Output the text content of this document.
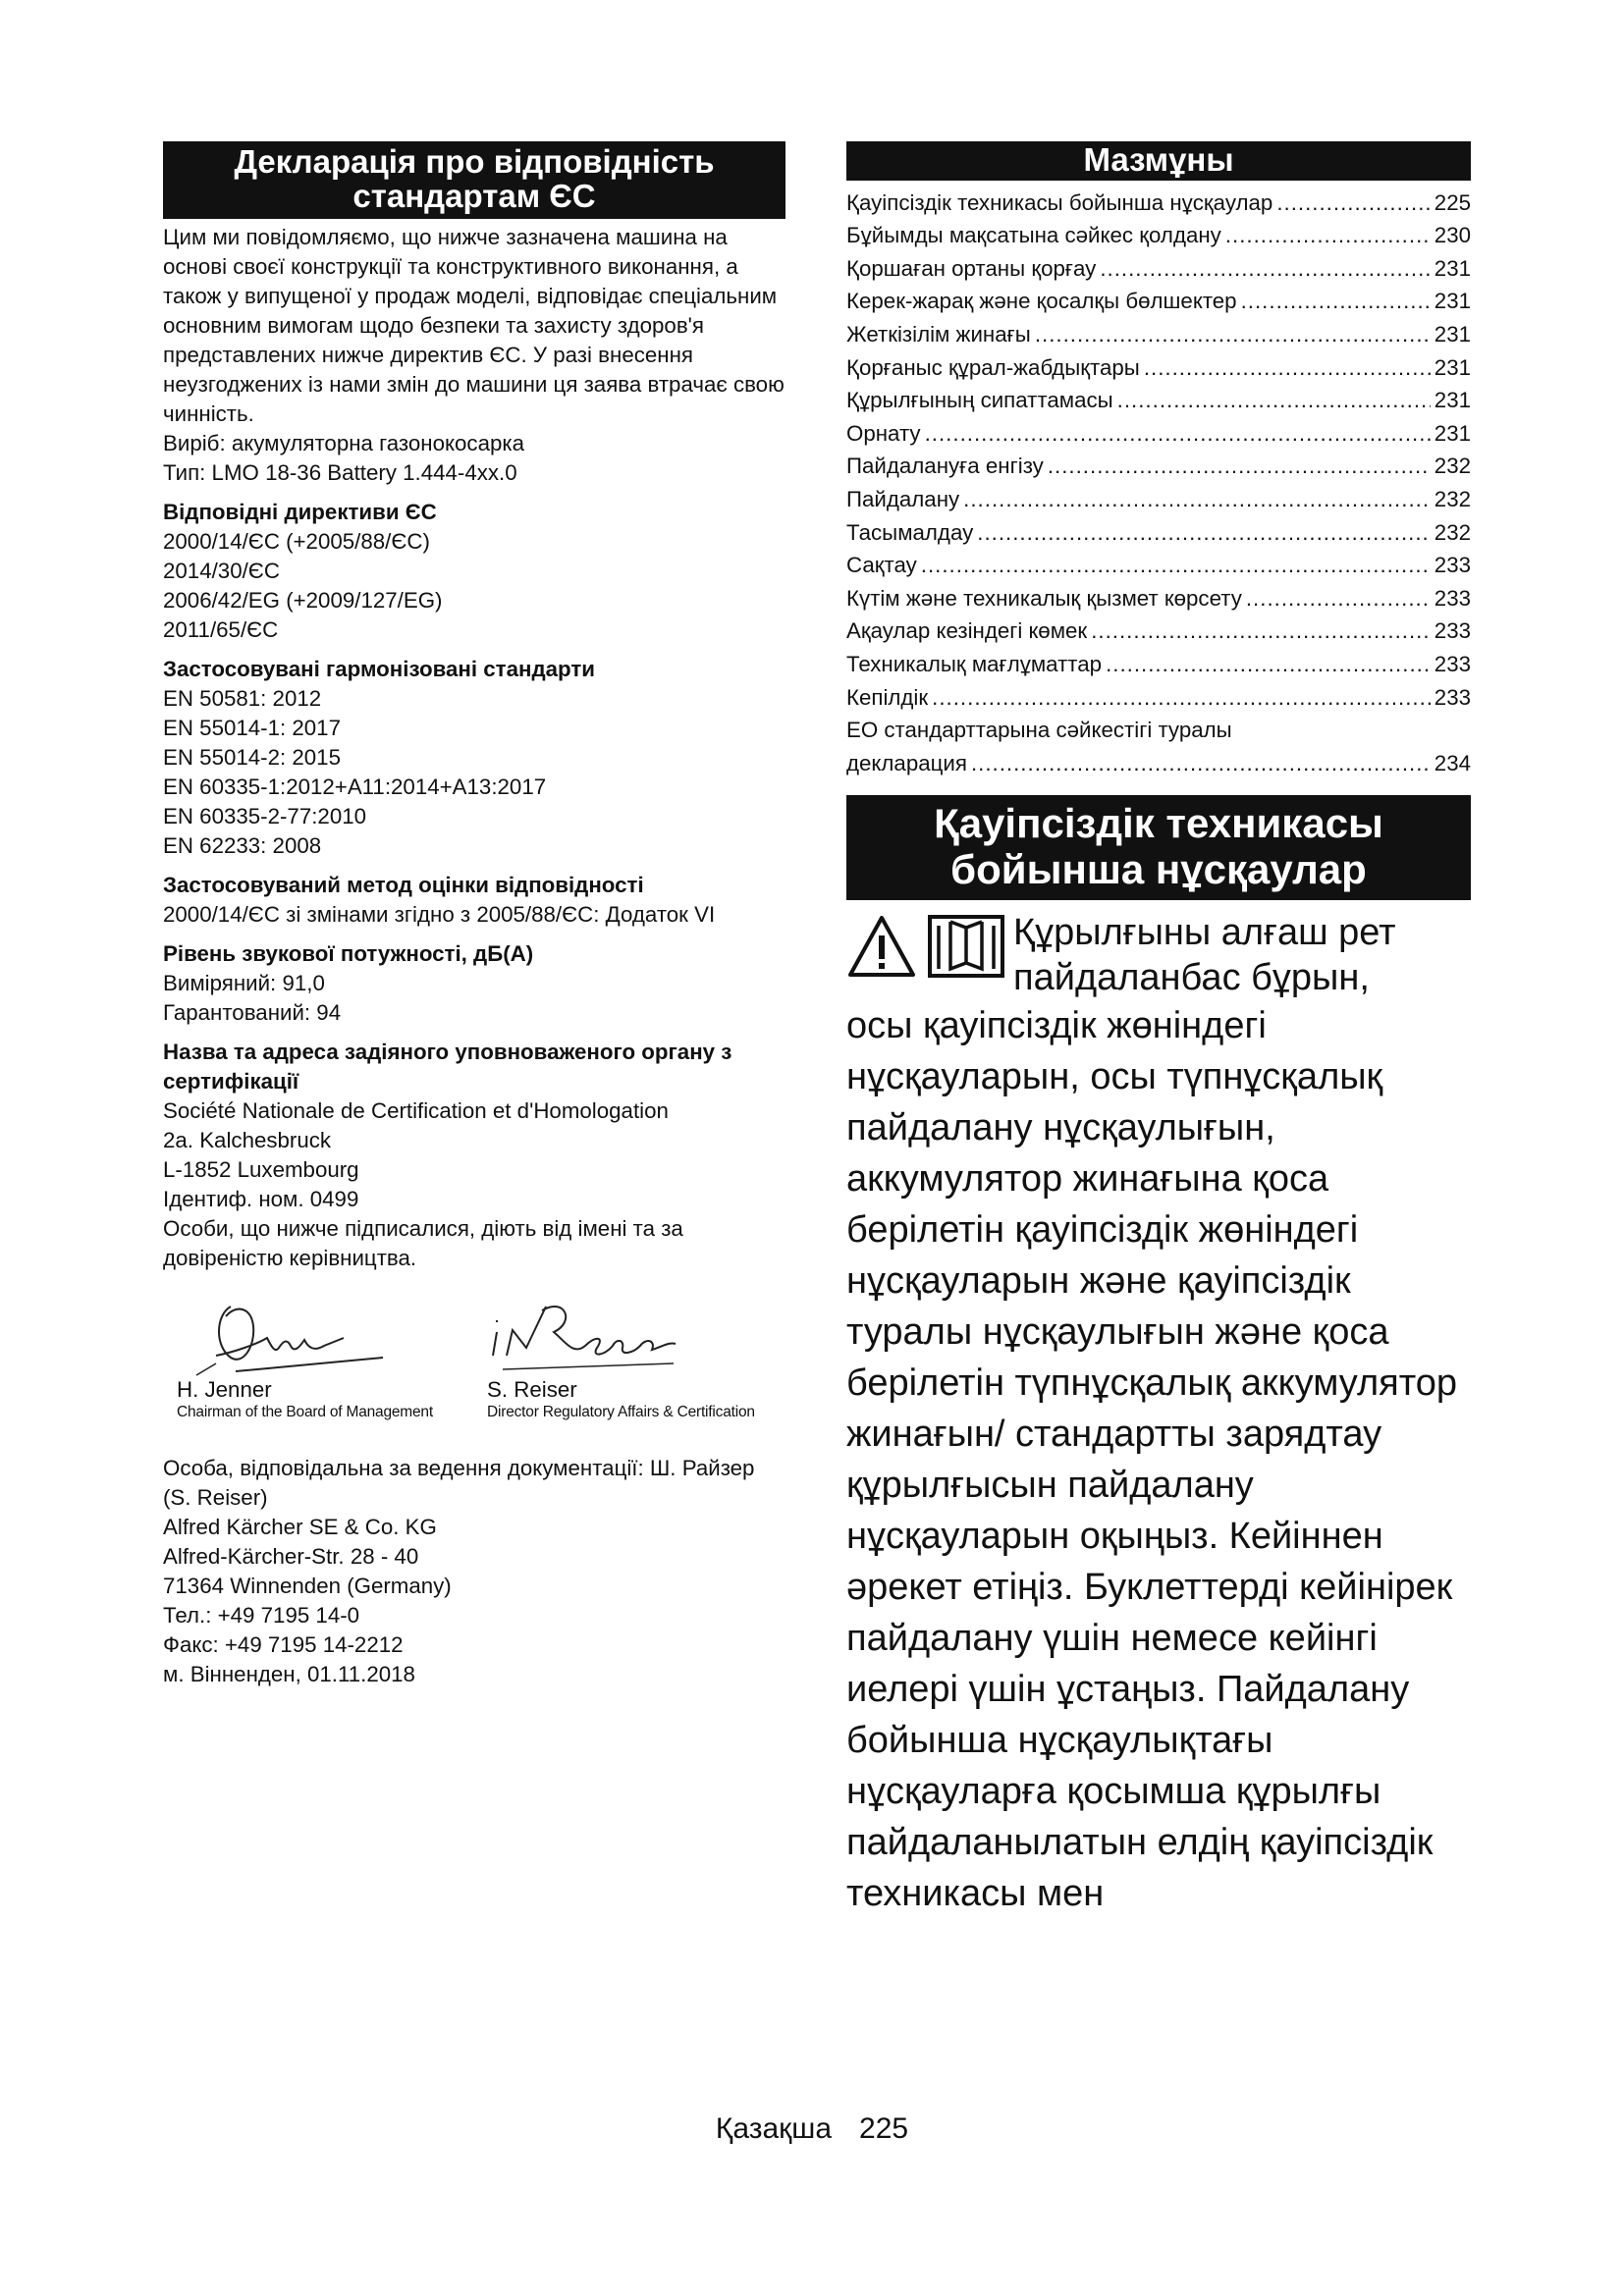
Декларація про відповідність
стандартам ЄС

Цим ми повідомляємо, що нижче зазначена машина на основі своєї конструкції та конструктивного виконання, а також у випущеної у продаж моделі, відповідає спеціальним основним вимогам щодо безпеки та захисту здоров'я представлених нижче директив ЄС. У разі внесення неузгоджених із нами змін до машини ця заява втрачає свою чинність.

Виріб: акумуляторна газонокосарка

Тип: LMO 18-36 Battery 1.444-4xx.0

Відповідні директиви ЄС

2000/14/ЄС (+2005/88/ЄС)

2014/30/ЄС

2006/42/EG (+2009/127/EG)

2011/65/ЄС

Застосовувані гармонізовані стандарти

EN 50581: 2012

EN 55014-1: 2017

EN 55014-2: 2015

EN 60335-1:2012+A11:2014+A13:2017

EN 60335-2-77:2010

EN 62233: 2008

Застосовуваний метод оцінки відповідності

2000/14/ЄС зі змінами згідно з 2005/88/ЄС: Додаток VI

Рівень звукової потужності, дБ(А)

Виміряний: 91,0

Гарантований: 94

Назва та адреса задіяного уповноваженого органу з сертифікації

Société Nationale de Certification et d'Homologation

2a. Kalchesbruck

L-1852 Luxembourg

Ідентиф. ном. 0499

Особи, що нижче підписалися, діють від імені та за довіреністю керівництва.

H. Jenner
Chairman of the Board of Management
S. Reiser
Director Regulatory Affairs & Certification

Особа, відповідальна за ведення документації: Ш. Райзер (S. Reiser)

Alfred Kärcher SE & Co. KG

Alfred-Kärcher-Str. 28 - 40

71364 Winnenden (Germany)

Тел.: +49 7195 14-0

Факс: +49 7195 14-2212

м. Вінненден, 01.11.2018

Мазмұны
Қауіпсіздік техникасы бойынша нұсқаулар .....	225
Бұйымды мақсатына сәйкес қолдану .....	230
Қоршаған ортаны қорғау .....	231
Керек-жарақ және қосалқы бөлшектер .....	231
Жеткізілім жинағы .....	231
Қорғаныс құрал-жабдықтары .....	231
Құрылғының сипаттамасы .....	231
Орнату .....	231
Пайдалануға енгізу .....	232
Пайдалану .....	232
Тасымалдау .....	232
Сақтау .....	233
Күтім және техникалық қызмет көрсету .....	233
Ақаулар кезіндегі көмек .....	233
Техникалық мағлұматтар .....	233
Кепілдік .....	233
ЕО стандарттарына сәйкестігі туралы
декларация .....	234
Қауіпсіздік техникасы
бойынша нұсқаулар
Құрылғыны алғаш рет
пайдаланбас бұрын,
осы қауіпсіздік жөніндегі нұсқауларын, осы түпнұсқалық пайдалану нұсқаулығын, аккумулятор жинағына қоса берілетін қауіпсіздік жөніндегі нұсқауларын және қауіпсіздік туралы нұсқаулығын және қоса берілетін түпнұсқалық аккумулятор жинағын/ стандартты зарядтау құрылғысын пайдалану нұсқауларын оқыңыз. Кейіннен әрекет етіңіз. Буклеттерді кейінірек пайдалану үшін немесе кейінгі иелері үшін ұстаңыз. Пайдалану бойынша нұсқаулықтағы нұсқауларға қосымша құрылғы пайдаланылатын елдің қауіпсіздік техникасы мен
Қазақша 225
